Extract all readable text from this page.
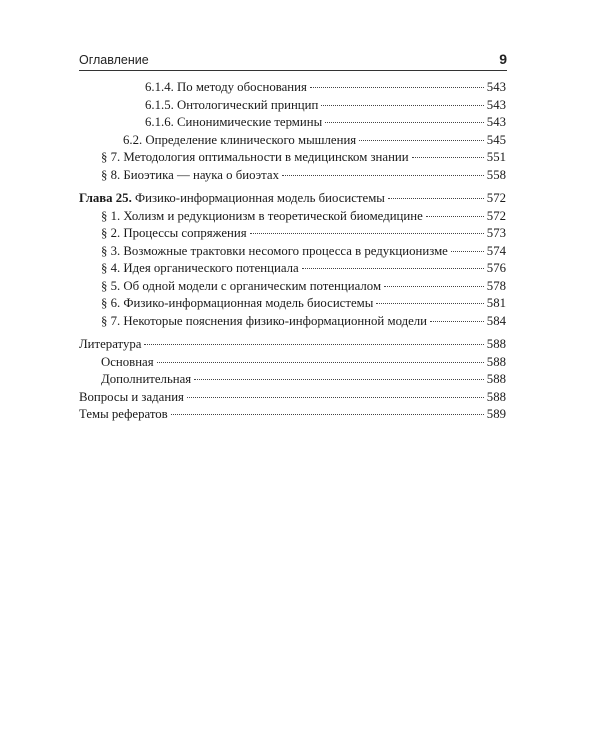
Оглавление	9
6.1.4. По методу обоснования	543
6.1.5. Онтологический принцип	543
6.1.6. Синонимические термины	543
6.2. Определение клинического мышления	545
§ 7. Методология оптимальности в медицинском знании	551
§ 8. Биоэтика — наука о биоэтах	558
Глава 25. Физико-информационная модель биосистемы	572
§ 1. Холизм и редукционизм в теоретической биомедицине	572
§ 2. Процессы сопряжения	573
§ 3. Возможные трактовки несомого процесса в редукционизме	574
§ 4. Идея органического потенциала	576
§ 5. Об одной модели с органическим потенциалом	578
§ 6. Физико-информационная модель биосистемы	581
§ 7. Некоторые пояснения физико-информационной модели	584
Литература	588
Основная	588
Дополнительная	588
Вопросы и задания	588
Темы рефератов	589
